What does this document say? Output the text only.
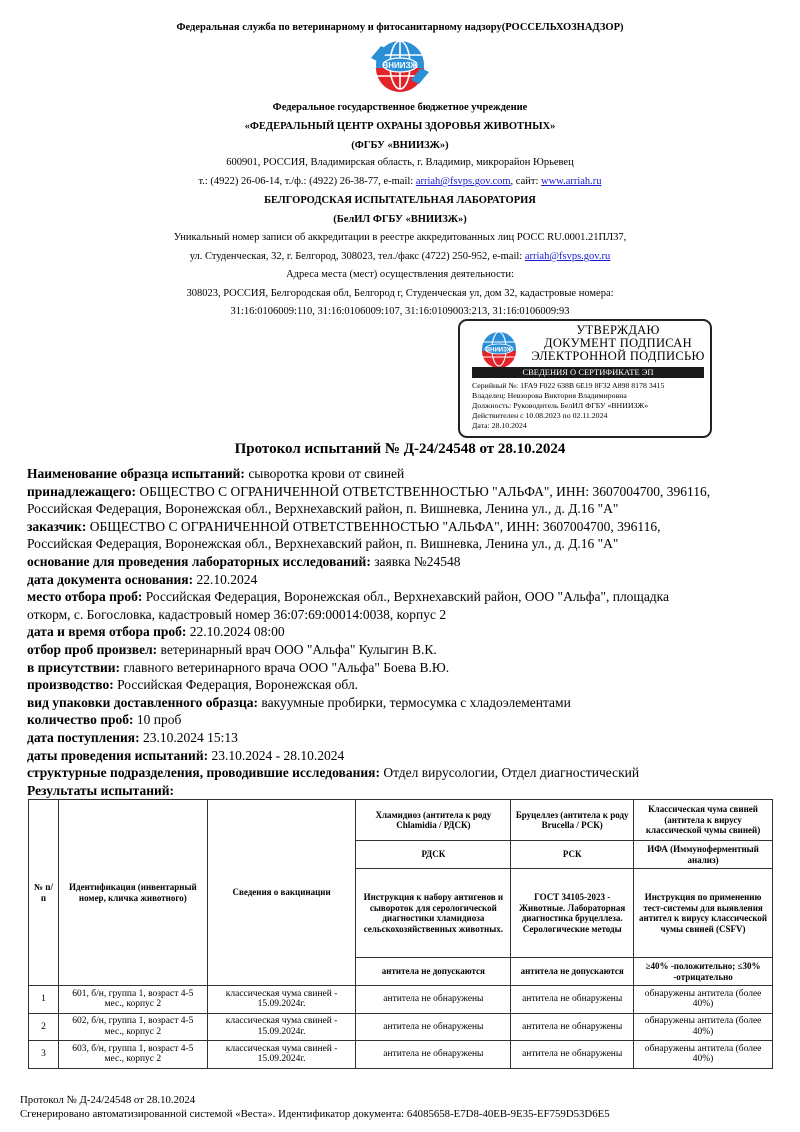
Федеральная служба по ветеринарному и фитосанитарному надзору(РОССЕЛЬХОЗНАДЗОР)
ВНИИЗЖ
Федеральное государственное бюджетное учреждение
«ФЕДЕРАЛЬНЫЙ ЦЕНТР ОХРАНЫ ЗДОРОВЬЯ ЖИВОТНЫХ»
(ФГБУ «ВНИИЗЖ»)
600901, РОССИЯ, Владимирская область, г. Владимир, микрорайон Юрьевец
т.: (4922) 26-06-14, т./ф.: (4922) 26-38-77, e-mail: arriah@fsvps.gov.com, сайт: www.arriah.ru
БЕЛГОРОДСКАЯ ИСПЫТАТЕЛЬНАЯ ЛАБОРАТОРИЯ
(БелИЛ ФГБУ «ВНИИЗЖ»)
Уникальный номер записи об аккредитации в реестре аккредитованных лиц РОСС RU.0001.21ПЛ37,
ул. Студенческая, 32, г. Белгород, 308023, тел./факс (4722) 250-952, e-mail: arriah@fsvps.gov.ru
Адреса места (мест) осуществления деятельности:
308023, РОССИЯ, Белгородская обл, Белгород г, Студенческая ул, дом 32, кадастровые номера:
31:16:0106009:110, 31:16:0106009:107, 31:16:0109003:213, 31:16:0106009:93
ВНИИЗЖ
УТВЕРЖДАЮ
ДОКУМЕНТ ПОДПИСАН
ЭЛЕКТРОННОЙ ПОДПИСЬЮ
СВЕДЕНИЯ О СЕРТИФИКАТЕ ЭП
Серийный №: 1FA9 F022 638B 6E19 8F32 A898 8178 3415
Владелец: Невзорова Виктория Владимировна
Должность: Руководитель БелИЛ ФГБУ «ВНИИЗЖ»
Действителен с 10.08.2023 по 02.11.2024
Дата: 28.10.2024
Протокол испытаний № Д-24/24548 от 28.10.2024
Наименование образца испытаний: сыворотка крови от свиней
принадлежащего: ОБЩЕСТВО С ОГРАНИЧЕННОЙ ОТВЕТСТВЕННОСТЬЮ "АЛЬФА", ИНН: 3607004700, 396116,
Российская Федерация, Воронежская обл., Верхнехавский район, п. Вишневка, Ленина ул., д. Д.16 "А"
заказчик: ОБЩЕСТВО С ОГРАНИЧЕННОЙ ОТВЕТСТВЕННОСТЬЮ "АЛЬФА", ИНН: 3607004700, 396116,
Российская Федерация, Воронежская обл., Верхнехавский район, п. Вишневка, Ленина ул., д. Д.16 "А"
основание для проведения лабораторных исследований: заявка №24548
дата документа основания: 22.10.2024
место отбора проб: Российская Федерация, Воронежская обл., Верхнехавский район, ООО "Альфа", площадка
откорм, с. Богословка, кадастровый номер 36:07:69:00014:0038, корпус 2
дата и время отбора проб: 22.10.2024 08:00
отбор проб произвел: ветеринарный врач ООО "Альфа" Кулыгин В.К.
в присутствии: главного ветеринарного врача ООО "Альфа" Боева В.Ю.
производство: Российская Федерация, Воронежская обл.
вид упаковки доставленного образца: вакуумные пробирки, термосумка с хладоэлементами
количество проб: 10 проб
дата поступления: 23.10.2024 15:13
даты проведения испытаний: 23.10.2024 - 28.10.2024
структурные подразделения, проводившие исследования: Отдел вирусологии, Отдел диагностический
Результаты испытаний:
№ п/п	Идентификация (инвентарный номер, кличка животного)	Сведения о вакцинации	Хламидиоз (антитела к роду Chlamidia / РДСК)	Бруцеллез (антитела к роду Brucella / РСК)	Классическая чума свиней (антитела к вирусу классической чумы свиней)
			РДСК	РСК	ИФА (Иммуноферментный анализ)
			Инструкция к набору антигенов и сывороток для серологической диагностики хламидиоза сельскохозяйственных животных.	ГОСТ 34105-2023 - Животные. Лабораторная диагностика бруцеллеза. Серологические методы	Инструкция по применению тест-системы для выявления антител к вирусу классической чумы свиней (CSFV)
			антитела не допускаются	антитела не допускаются	≥40% -положительно; ≤30% -отрицательно
1	601, б/н, группа 1, возраст 4-5 мес., корпус 2	классическая чума свиней - 15.09.2024г.	антитела не обнаружены	антитела не обнаружены	обнаружены антитела (более 40%)
2	602, б/н, группа 1, возраст 4-5 мес., корпус 2	классическая чума свиней - 15.09.2024г.	антитела не обнаружены	антитела не обнаружены	обнаружены антитела (более 40%)
3	603, б/н, группа 1, возраст 4-5 мес., корпус 2	классическая чума свиней - 15.09.2024г.	антитела не обнаружены	антитела не обнаружены	обнаружены антитела (более 40%)
Протокол № Д-24/24548 от 28.10.2024
Сгенерировано автоматизированной системой «Веста». Идентификатор документа: 64085658-E7D8-40EB-9E35-EF759D53D6E5
